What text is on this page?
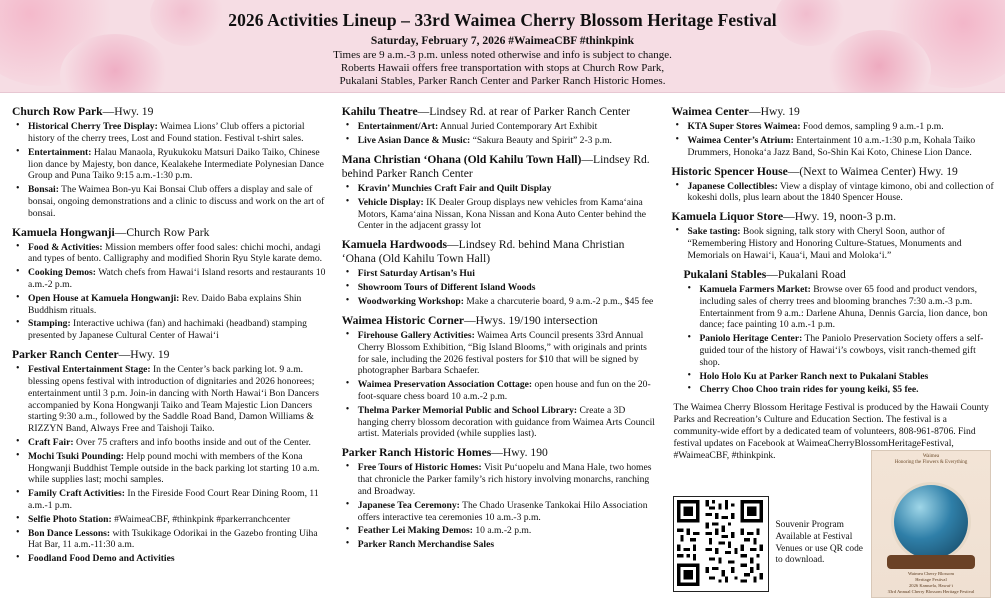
2026 Activities Lineup – 33rd Waimea Cherry Blossom Heritage Festival
Saturday, February 7, 2026 #WaimeaCBF #thinkpink
Times are 9 a.m.-3 p.m. unless noted otherwise and info is subject to change.
Roberts Hawaii offers free transportation with stops at Church Row Park,
Pukalani Stables, Parker Ranch Center and Parker Ranch Historic Homes.
Church Row Park—Hwy. 19
• Historical Cherry Tree Display: Waimea Lions’ Club offers a pictorial history of the cherry trees, Lost and Found station. Festival t-shirt sales.
• Entertainment: Halau Manaola, Ryukukoku Matsuri Daiko Taiko, Chinese lion dance by Majesty, bon dance, Kealakehe Intermediate Polynesian Dance Group and Puna Taiko 9:15 a.m.-1:30 p.m.
• Bonsai: The Waimea Bon-yu Kai Bonsai Club offers a display and sale of bonsai, ongoing demonstrations and a clinic to discuss and work on the art of bonsai.
Kamuela Hongwanji—Church Row Park
• Food & Activities: Mission members offer food sales: chichi mochi, andagi and types of bento. Calligraphy and modified Shorin Ryu Style karate demo.
• Cooking Demos: Watch chefs from Hawai‘i Island resorts and restaurants 10 a.m.-2 p.m.
• Open House at Kamuela Hongwanji: Rev. Daido Baba explains Shin Buddhism rituals.
• Stamping: Interactive uchiwa (fan) and hachimaki (headband) stamping presented by Japanese Cultural Center of Hawai‘i
Parker Ranch Center—Hwy. 19
• Festival Entertainment Stage: In the Center’s back parking lot. 9 a.m. blessing opens festival with introduction of dignitaries and 2026 honorees; entertainment until 3 p.m. Join-in dancing with North Hawai‘i Bon Dancers accompanied by Kona Hongwanji Taiko and Team Majestic Lion Dancers starting 9:30 a.m., followed by the Saddle Road Band, Damon Williams & RIZZYN Band, Always Free and Taishoji Taiko.
• Craft Fair: Over 75 crafters and info booths inside and out of the Center.
• Mochi Tsuki Pounding: Help pound mochi with members of the Kona Hongwanji Buddhist Temple outside in the back parking lot starting 10 a.m. while supplies last; mochi samples.
• Family Craft Activities: In the Fireside Food Court Rear Dining Room, 11 a.m.-1 p.m.
• Selfie Photo Station: #WaimeaCBF, #thinkpink #parkerranchcenter
• Bon Dance Lessons: with Tsukikage Odorikai in the Gazebo fronting Uiha Hat Bar, 11 a.m.-11:30 a.m.
• Foodland Food Demo and Activities
Kahilu Theatre—Lindsey Rd. at rear of Parker Ranch Center
• Entertainment/Art: Annual Juried Contemporary Art Exhibit
• Live Asian Dance & Music: “Sakura Beauty and Spirit” 2-3 p.m.
Mana Christian ‘Ohana (Old Kahilu Town Hall)—Lindsey Rd. behind Parker Ranch Center
• Kravin’ Munchies Craft Fair and Quilt Display
• Vehicle Display: IK Dealer Group displays new vehicles from Kama‘aina Motors, Kama‘aina Nissan, Kona Nissan and Kona Auto Center behind the Center in the adjacent grassy lot
Kamuela Hardwoods—Lindsey Rd. behind Mana Christian ‘Ohana (Old Kahilu Town Hall)
• First Saturday Artisan’s Hui
• Showroom Tours of Different Island Woods
• Woodworking Workshop: Make a charcuterie board, 9 a.m.-2 p.m., $45 fee
Waimea Historic Corner—Hwys. 19/190 intersection
• Firehouse Gallery Activities: Waimea Arts Council presents 33rd Annual Cherry Blossom Exhibition, “Big Island Blooms,” with originals and prints for sale, including the 2026 festival posters for $10 that will be signed by photographer Barbara Schaefer.
• Waimea Preservation Association Cottage: open house and fun on the 20-foot-square chess board 10 a.m.-2 p.m.
• Thelma Parker Memorial Public and School Library: Create a 3D hanging cherry blossom decoration with guidance from Waimea Arts Council artist. Materials provided (while supplies last).
Parker Ranch Historic Homes—Hwy. 190
• Free Tours of Historic Homes: Visit Pu‘uopelu and Mana Hale, two homes that chronicle the Parker family’s rich history involving monarchs, ranching and Broadway.
• Japanese Tea Ceremony: The Chado Urasenke Tankokai Hilo Association offers interactive tea ceremonies 10 a.m.-3 p.m.
• Feather Lei Making Demos: 10 a.m.-2 p.m.
• Parker Ranch Merchandise Sales
Waimea Center—Hwy. 19
• KTA Super Stores Waimea: Food demos, sampling 9 a.m.-1 p.m.
• Waimea Center’s Atrium: Entertainment 10 a.m.-1:30 p.m, Kohala Taiko Drummers, Honoka‘a Jazz Band, So-Shin Kai Koto, Chinese Lion Dance.
Historic Spencer House—(Next to Waimea Center) Hwy. 19
• Japanese Collectibles: View a display of vintage kimono, obi and collection of kokeshi dolls, plus learn about the 1840 Spencer House.
Kamuela Liquor Store—Hwy. 19, noon-3 p.m.
• Sake tasting: Book signing, talk story with Cheryl Soon, author of “Remembering History and Honoring Culture-Statues, Monuments and Memorials on Hawai‘i, Kaua‘i, Maui and Moloka‘i.”
Pukalani Stables—Pukalani Road
• Kamuela Farmers Market: Browse over 65 food and product vendors, including sales of cherry trees and blooming branches 7:30 a.m.-3 p.m. Entertainment from 9 a.m.: Darlene Ahuna, Dennis Garcia, lion dance, bon dance; face painting 10 a.m.-1 p.m.
• Paniolo Heritage Center: The Paniolo Preservation Society offers a self-guided tour of the history of Hawai‘i’s cowboys, visit ranch-themed gift shop.
• Holo Holo Ku at Parker Ranch next to Pukalani Stables
• Cherry Choo Choo train rides for young keiki, $5 fee.
The Waimea Cherry Blossom Heritage Festival is produced by the Hawaii County Parks and Recreation’s Culture and Education Section. The festival is a community-wide effort by a dedicated team of volunteers, 808-961-8706. Find festival updates on Facebook at WaimeaCherryBlossomHeritageFestival, #WaimeaCBF, #thinkpink.	Waimea
Honoring the Flowers & Everything
Waimea Cherry Blossom
Heritage Festival
2026 Kamuela, Hawai‘i
33rd Annual Cherry Blossom Heritage Festival
Souvenir Program Available at Festival Venues or use QR code to download.
